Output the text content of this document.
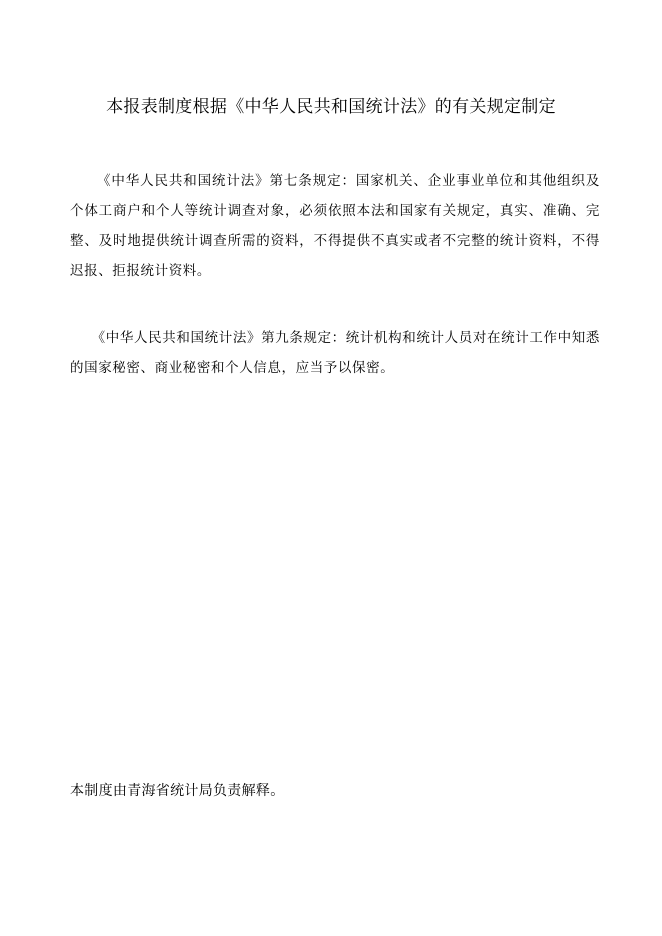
本报表制度根据《中华人民共和国统计法》的有关规定制定

《中华人民共和国统计法》第七条规定：国家机关、企业事业单位和其他组织及个体工商户和个人等统计调查对象，必须依照本法和国家有关规定，真实、准确、完整、及时地提供统计调查所需的资料，不得提供不真实或者不完整的统计资料，不得迟报、拒报统计资料。

《中华人民共和国统计法》第九条规定：统计机构和统计人员对在统计工作中知悉的国家秘密、商业秘密和个人信息，应当予以保密。

本制度由青海省统计局负责解释。
